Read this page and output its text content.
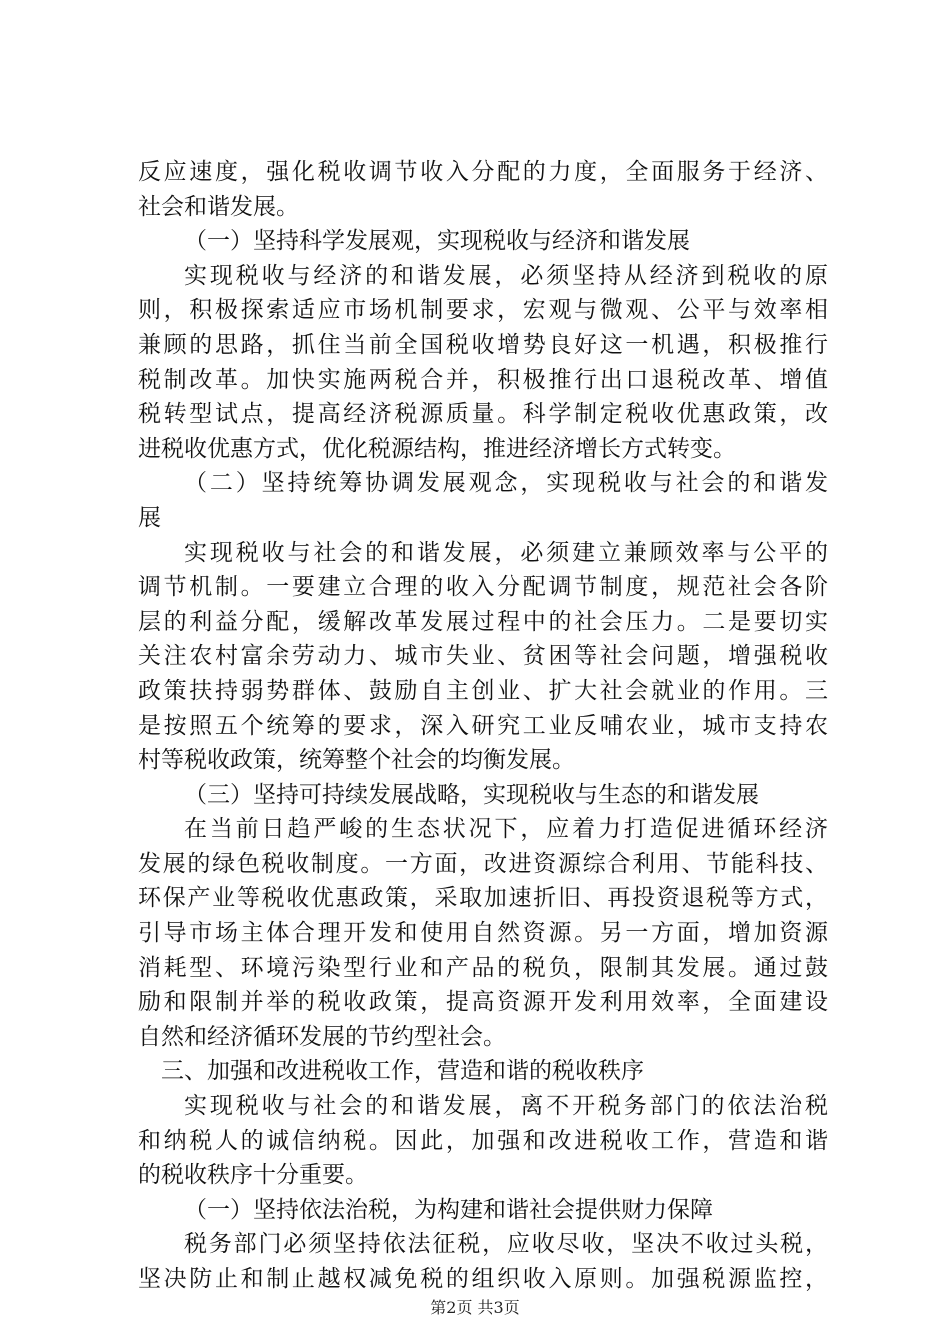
反应速度，强化税收调节收入分配的力度，全面服务于经济、
社会和谐发展。
（一）坚持科学发展观，实现税收与经济和谐发展
实现税收与经济的和谐发展，必须坚持从经济到税收的原
则，积极探索适应市场机制要求，宏观与微观、公平与效率相
兼顾的思路，抓住当前全国税收增势良好这一机遇，积极推行
税制改革。加快实施两税合并，积极推行出口退税改革、增值
税转型试点，提高经济税源质量。科学制定税收优惠政策，改
进税收优惠方式，优化税源结构，推进经济增长方式转变。
（二）坚持统筹协调发展观念，实现税收与社会的和谐发
展
实现税收与社会的和谐发展，必须建立兼顾效率与公平的
调节机制。一要建立合理的收入分配调节制度，规范社会各阶
层的利益分配，缓解改革发展过程中的社会压力。二是要切实
关注农村富余劳动力、城市失业、贫困等社会问题，增强税收
政策扶持弱势群体、鼓励自主创业、扩大社会就业的作用。三
是按照五个统筹的要求，深入研究工业反哺农业，城市支持农
村等税收政策，统筹整个社会的均衡发展。
（三）坚持可持续发展战略，实现税收与生态的和谐发展
在当前日趋严峻的生态状况下，应着力打造促进循环经济
发展的绿色税收制度。一方面，改进资源综合利用、节能科技、
环保产业等税收优惠政策，采取加速折旧、再投资退税等方式，
引导市场主体合理开发和使用自然资源。另一方面，增加资源
消耗型、环境污染型行业和产品的税负，限制其发展。通过鼓
励和限制并举的税收政策，提高资源开发利用效率，全面建设
自然和经济循环发展的节约型社会。
三、加强和改进税收工作，营造和谐的税收秩序
实现税收与社会的和谐发展，离不开税务部门的依法治税
和纳税人的诚信纳税。因此，加强和改进税收工作，营造和谐
的税收秩序十分重要。
（一）坚持依法治税，为构建和谐社会提供财力保障
税务部门必须坚持依法征税，应收尽收，坚决不收过头税，
坚决防止和制止越权减免税的组织收入原则。加强税源监控，
第2页 共3页
